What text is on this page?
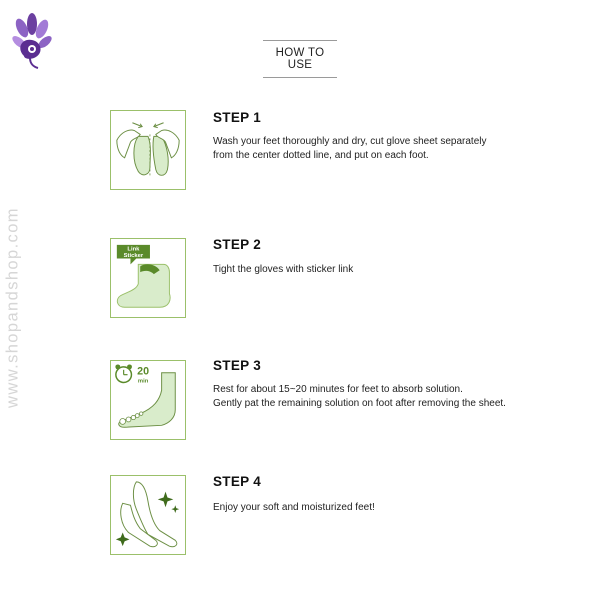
www.shopandshop.com
HOW TO USE
STEP 1
Wash your feet thoroughly and dry, cut glove sheet separately
from the center dotted line, and put on each foot.
Link
Sticker
STEP 2
Tight the gloves with sticker link
20
min
STEP 3
Rest for about 15~20 minutes for feet to absorb solution.
Gently pat the remaining solution on foot after removing the sheet.
STEP 4
Enjoy your soft and moisturized feet!
